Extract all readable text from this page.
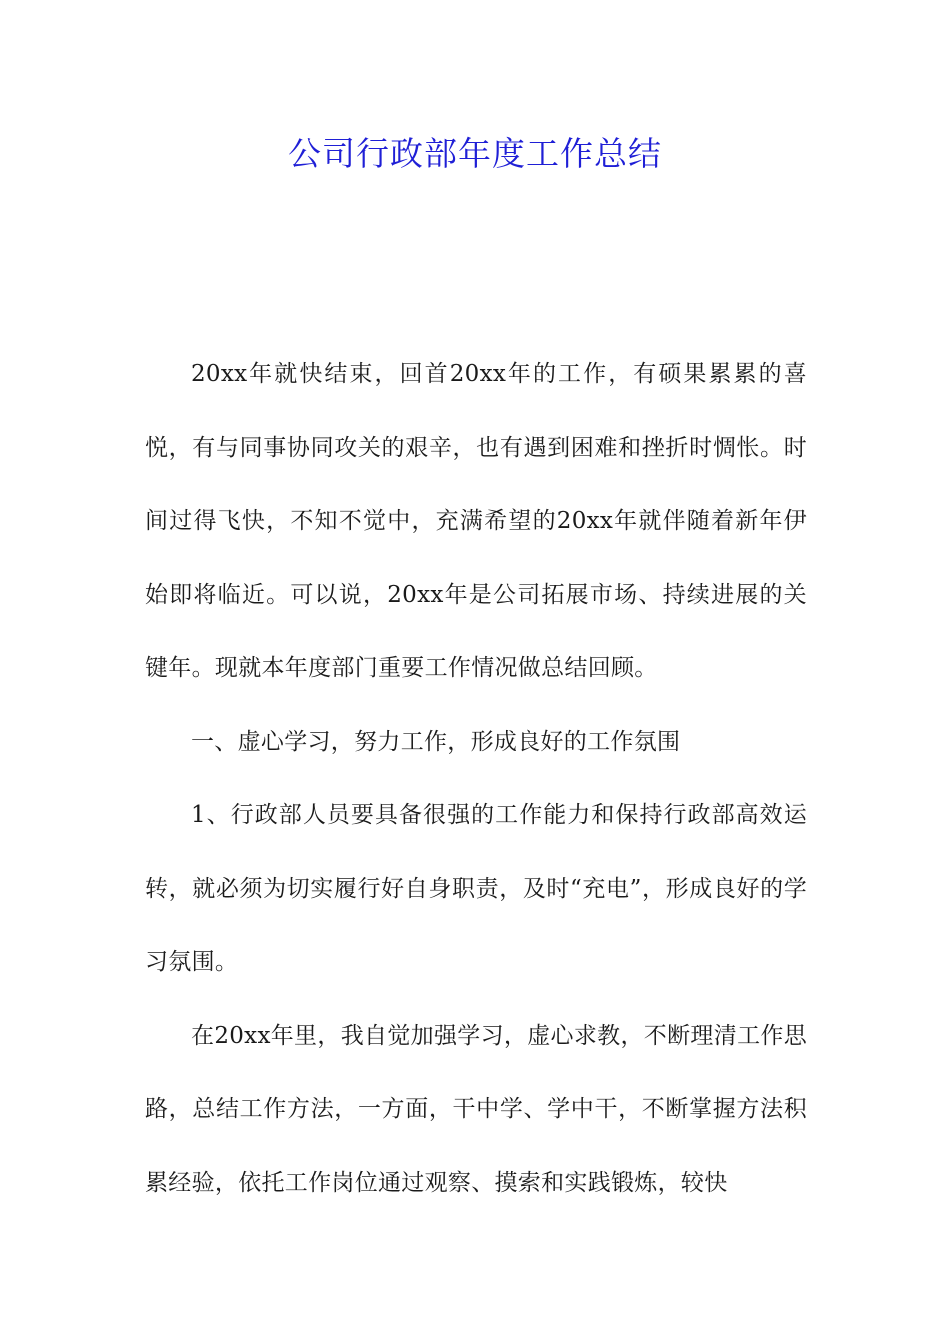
公司行政部年度工作总结

20xx年就快结束，回首20xx年的工作，有硕果累累的喜悦，有与同事协同攻关的艰辛，也有遇到困难和挫折时惆怅。时间过得飞快，不知不觉中，充满希望的20xx年就伴随着新年伊始即将临近。可以说，20xx年是公司拓展市场、持续进展的关键年。现就本年度部门重要工作情况做总结回顾。

一、虚心学习，努力工作，形成良好的工作氛围

1、行政部人员要具备很强的工作能力和保持行政部高效运转，就必须为切实履行好自身职责，及时“充电”，形成良好的学习氛围。

在20xx年里，我自觉加强学习，虚心求教，不断理清工作思路，总结工作方法，一方面，干中学、学中干，不断掌握方法积累经验，依托工作岗位通过观察、摸索和实践锻炼，较快
